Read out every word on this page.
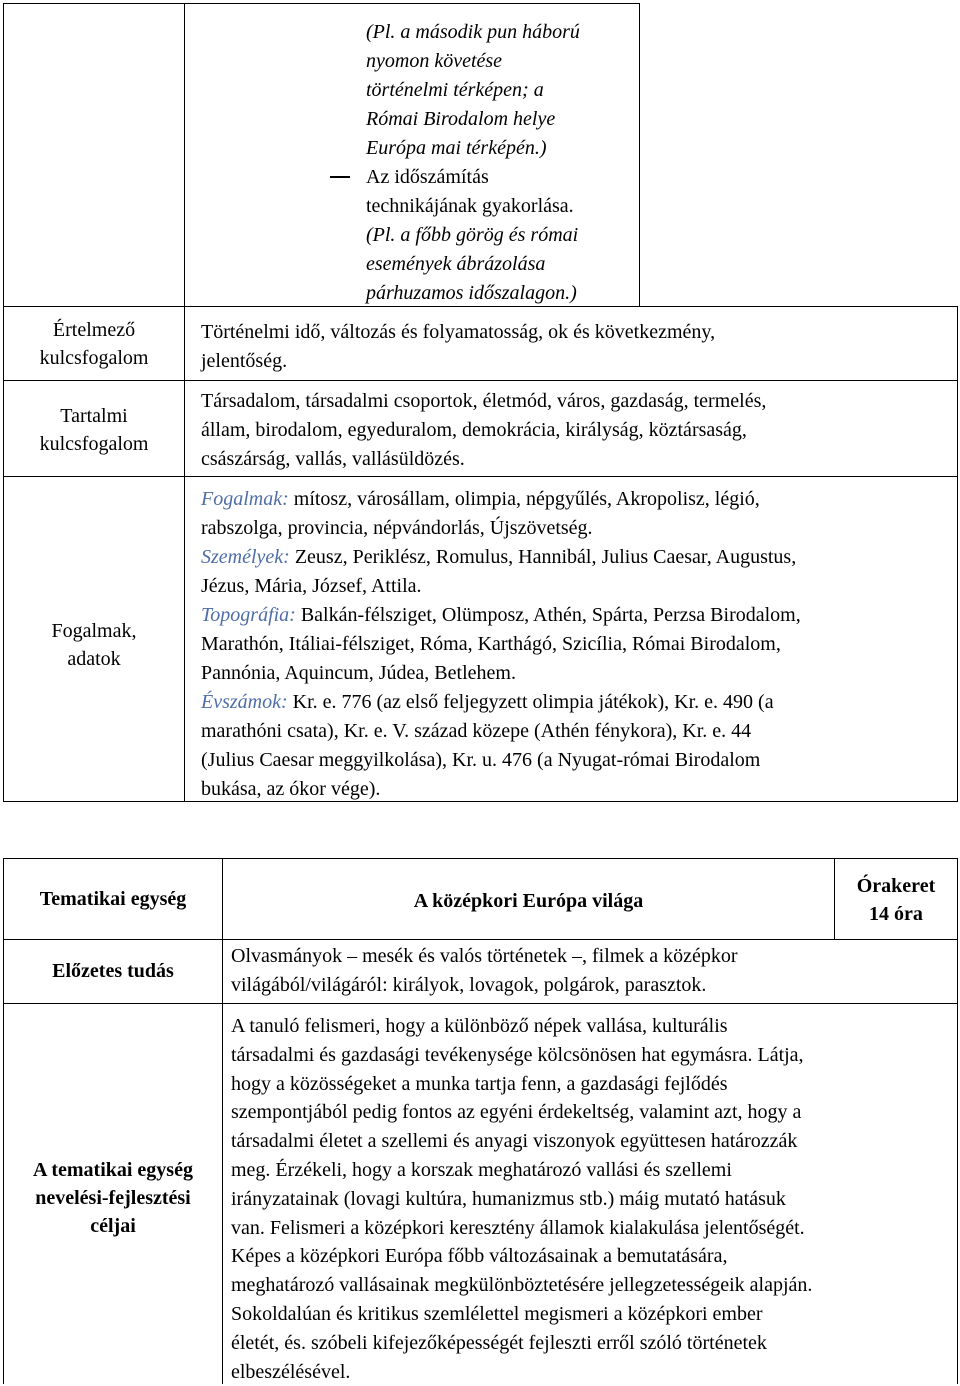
(Pl. a második pun háború
nyomon követése
történelmi térképen; a
Római Birodalom helye
Európa mai térképén.)
Az időszámítás
technikájának gyakorlása.
(Pl. a főbb görög és római
események ábrázolása
párhuzamos időszalagon.)
Értelmező
kulcsfogalom
Történelmi idő, változás és folyamatosság, ok és következmény,
jelentőség.
Tartalmi
kulcsfogalom
Társadalom, társadalmi csoportok, életmód, város, gazdaság, termelés,
állam, birodalom, egyeduralom, demokrácia, királyság, köztársaság,
császárság, vallás, vallásüldözés.
Fogalmak,
adatok
Fogalmak: mítosz, városállam, olimpia, népgyűlés, Akropolisz, légió,
rabszolga, provincia, népvándorlás, Újszövetség.
Személyek: Zeusz, Periklész, Romulus, Hannibál, Julius Caesar, Augustus,
Jézus, Mária, József, Attila.
Topográfia: Balkán-félsziget, Olümposz, Athén, Spárta, Perzsa Birodalom,
Marathón, Itáliai-félsziget, Róma, Karthágó, Szicília, Római Birodalom,
Pannónia, Aquincum, Júdea, Betlehem.
Évszámok: Kr. e. 776 (az első feljegyzett olimpia játékok), Kr. e. 490 (a
marathóni csata), Kr. e. V. század közepe (Athén fénykora), Kr. e. 44
(Julius Caesar meggyilkolása), Kr. u. 476 (a Nyugat-római Birodalom
bukása, az ókor vége).
Tematikai egység	A középkori Európa világa
Órakeret
14 óra
Előzetes tudás
Olvasmányok – mesék és valós történetek –, filmek a középkor
világából/világáról: királyok, lovagok, polgárok, parasztok.
A tematikai egység
nevelési-fejlesztési
céljai
A tanuló felismeri, hogy a különböző népek vallása, kulturális
társadalmi és gazdasági tevékenysége kölcsönösen hat egymásra. Látja,
hogy a közösségeket a munka tartja fenn, a gazdasági fejlődés
szempontjából pedig fontos az egyéni érdekeltség, valamint azt, hogy a
társadalmi életet a szellemi és anyagi viszonyok együttesen határozzák
meg. Érzékeli, hogy a korszak meghatározó vallási és szellemi
irányzatainak (lovagi kultúra, humanizmus stb.) máig mutató hatásuk
van. Felismeri a középkori keresztény államok kialakulása jelentőségét.
Képes a középkori Európa főbb változásainak a bemutatására,
meghatározó vallásainak megkülönböztetésére jellegzetességeik alapján.
Sokoldalúan és kritikus szemlélettel megismeri a középkori ember
életét, és. szóbeli kifejezőképességét fejleszti erről szóló történetek
elbeszélésével.
